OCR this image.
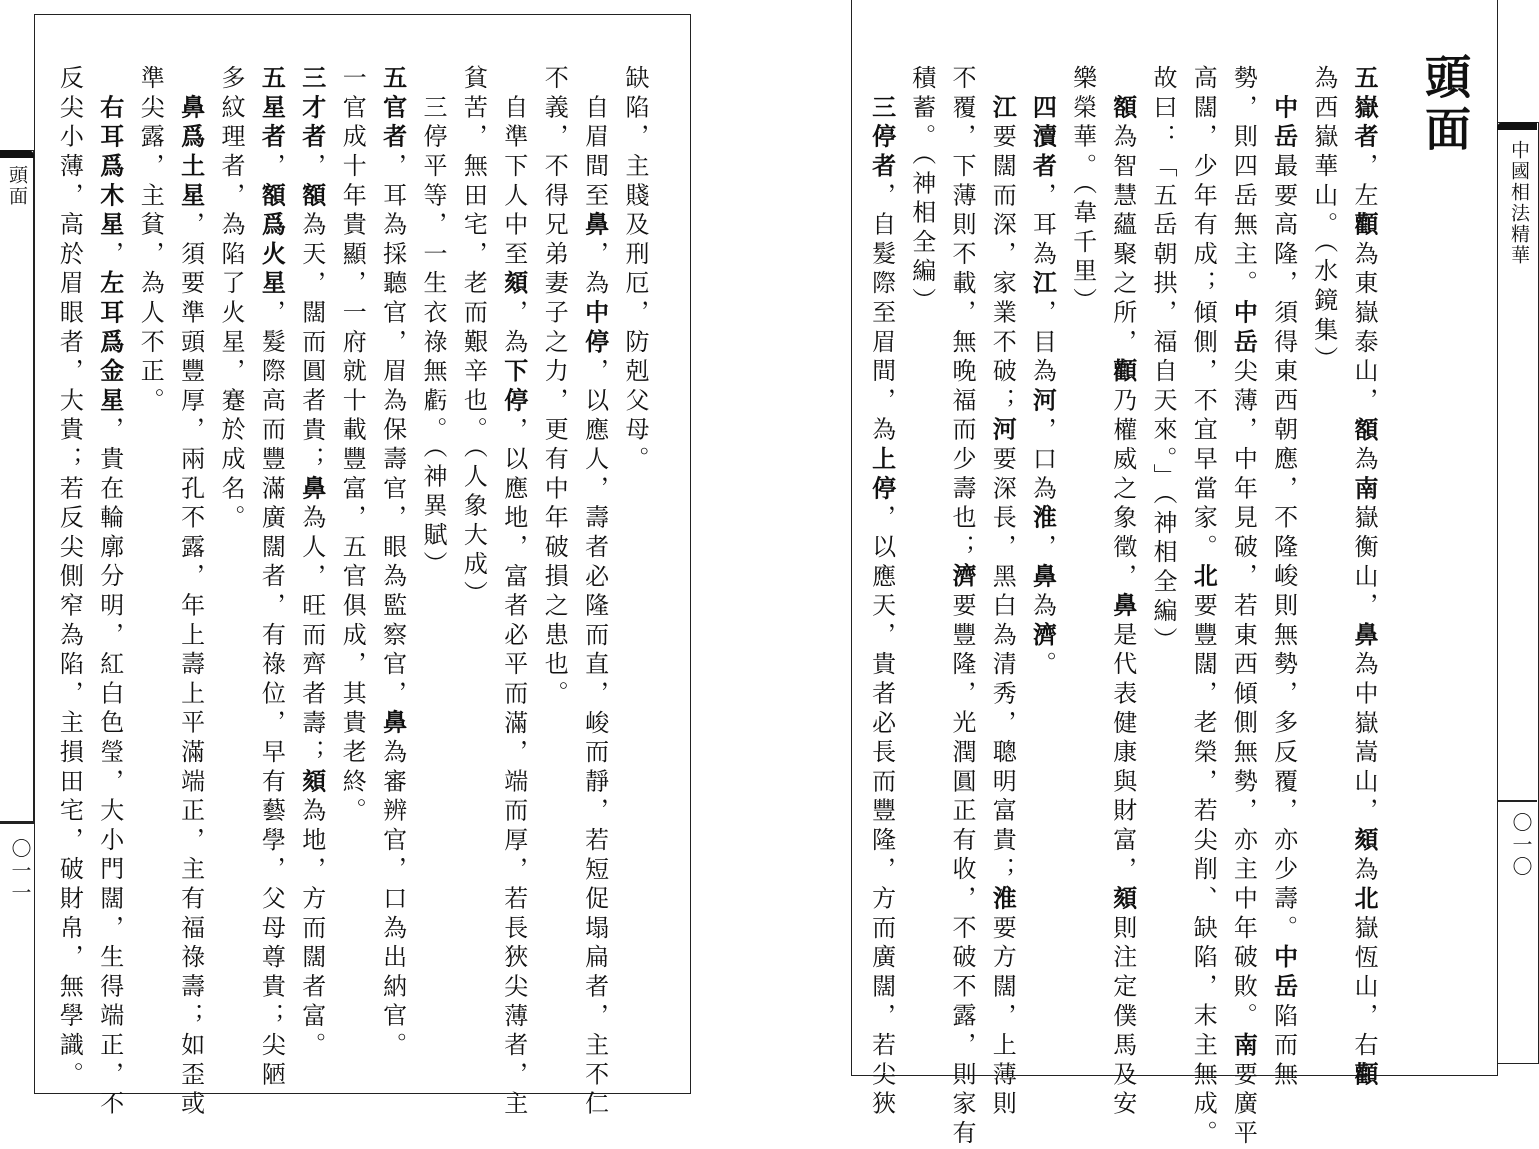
頭面
〇一一
缺陷，主賤及刑厄，防剋父母。
　自眉間至鼻，為中停，以應人，壽者必隆而直，峻而靜，若短促塌扁者，主不仁
不義，不得兄弟妻子之力，更有中年破損之患也。
　自準下人中至頦，為下停，以應地，富者必平而滿，端而厚，若長狹尖薄者，主
貧苦，無田宅，老而艱辛也。（人象大成）
　三停平等，一生衣祿無虧。（神異賦）
五官者，耳為採聽官，眉為保壽官，眼為監察官，鼻為審辨官，口為出納官。
一官成十年貴顯，一府就十載豐富，五官俱成，其貴老終。
三才者，額為天，闊而圓者貴；鼻為人，旺而齊者壽；頦為地，方而闊者富。
五星者，額爲火星，髮際高而豐滿廣闊者，有祿位，早有藝學，父母尊貴；尖陋
多紋理者，為陷了火星，蹇於成名。
　鼻爲土星，須要準頭豐厚，兩孔不露，年上壽上平滿端正，主有福祿壽；如歪或
準尖露，主貧，為人不正。
　右耳爲木星，左耳爲金星，貴在輪廓分明，紅白色瑩，大小門闊，生得端正，不
反尖小薄，高於眉眼者，大貴；若反尖側窄為陷，主損田宅，破財帛，無學識。	五嶽者，左顴為東嶽泰山，額為南嶽衡山，鼻為中嶽嵩山，頦為北嶽恆山，右顴
為西嶽華山。（水鏡集）
　中岳最要高隆，須得東西朝應，不隆峻則無勢，多反覆，亦少壽。中岳陷而無
勢，則四岳無主。中岳尖薄，中年見破，若東西傾側無勢，亦主中年破敗。南要廣平
高闊，少年有成；傾側，不宜早當家。北要豐闊，老榮，若尖削、缺陷，末主無成。
故曰：「五岳朝拱，福自天來。」（神相全編）
　額為智慧蘊聚之所，顴乃權威之象徵，鼻是代表健康與財富，頦則注定僕馬及安
樂榮華。（韋千里）
　四瀆者，耳為江，目為河，口為淮，鼻為濟。
　江要闊而深，家業不破；河要深長，黑白為清秀，聰明富貴；淮要方闊，上薄則
不覆，下薄則不載，無晚福而少壽也；濟要豐隆，光潤圓正有收，不破不露，則家有
積蓄。（神相全編）
　三停者，自髮際至眉間，為上停，以應天，貴者必長而豐隆，方而廣闊，若尖狹
頭面
中國相法精華
〇一〇
